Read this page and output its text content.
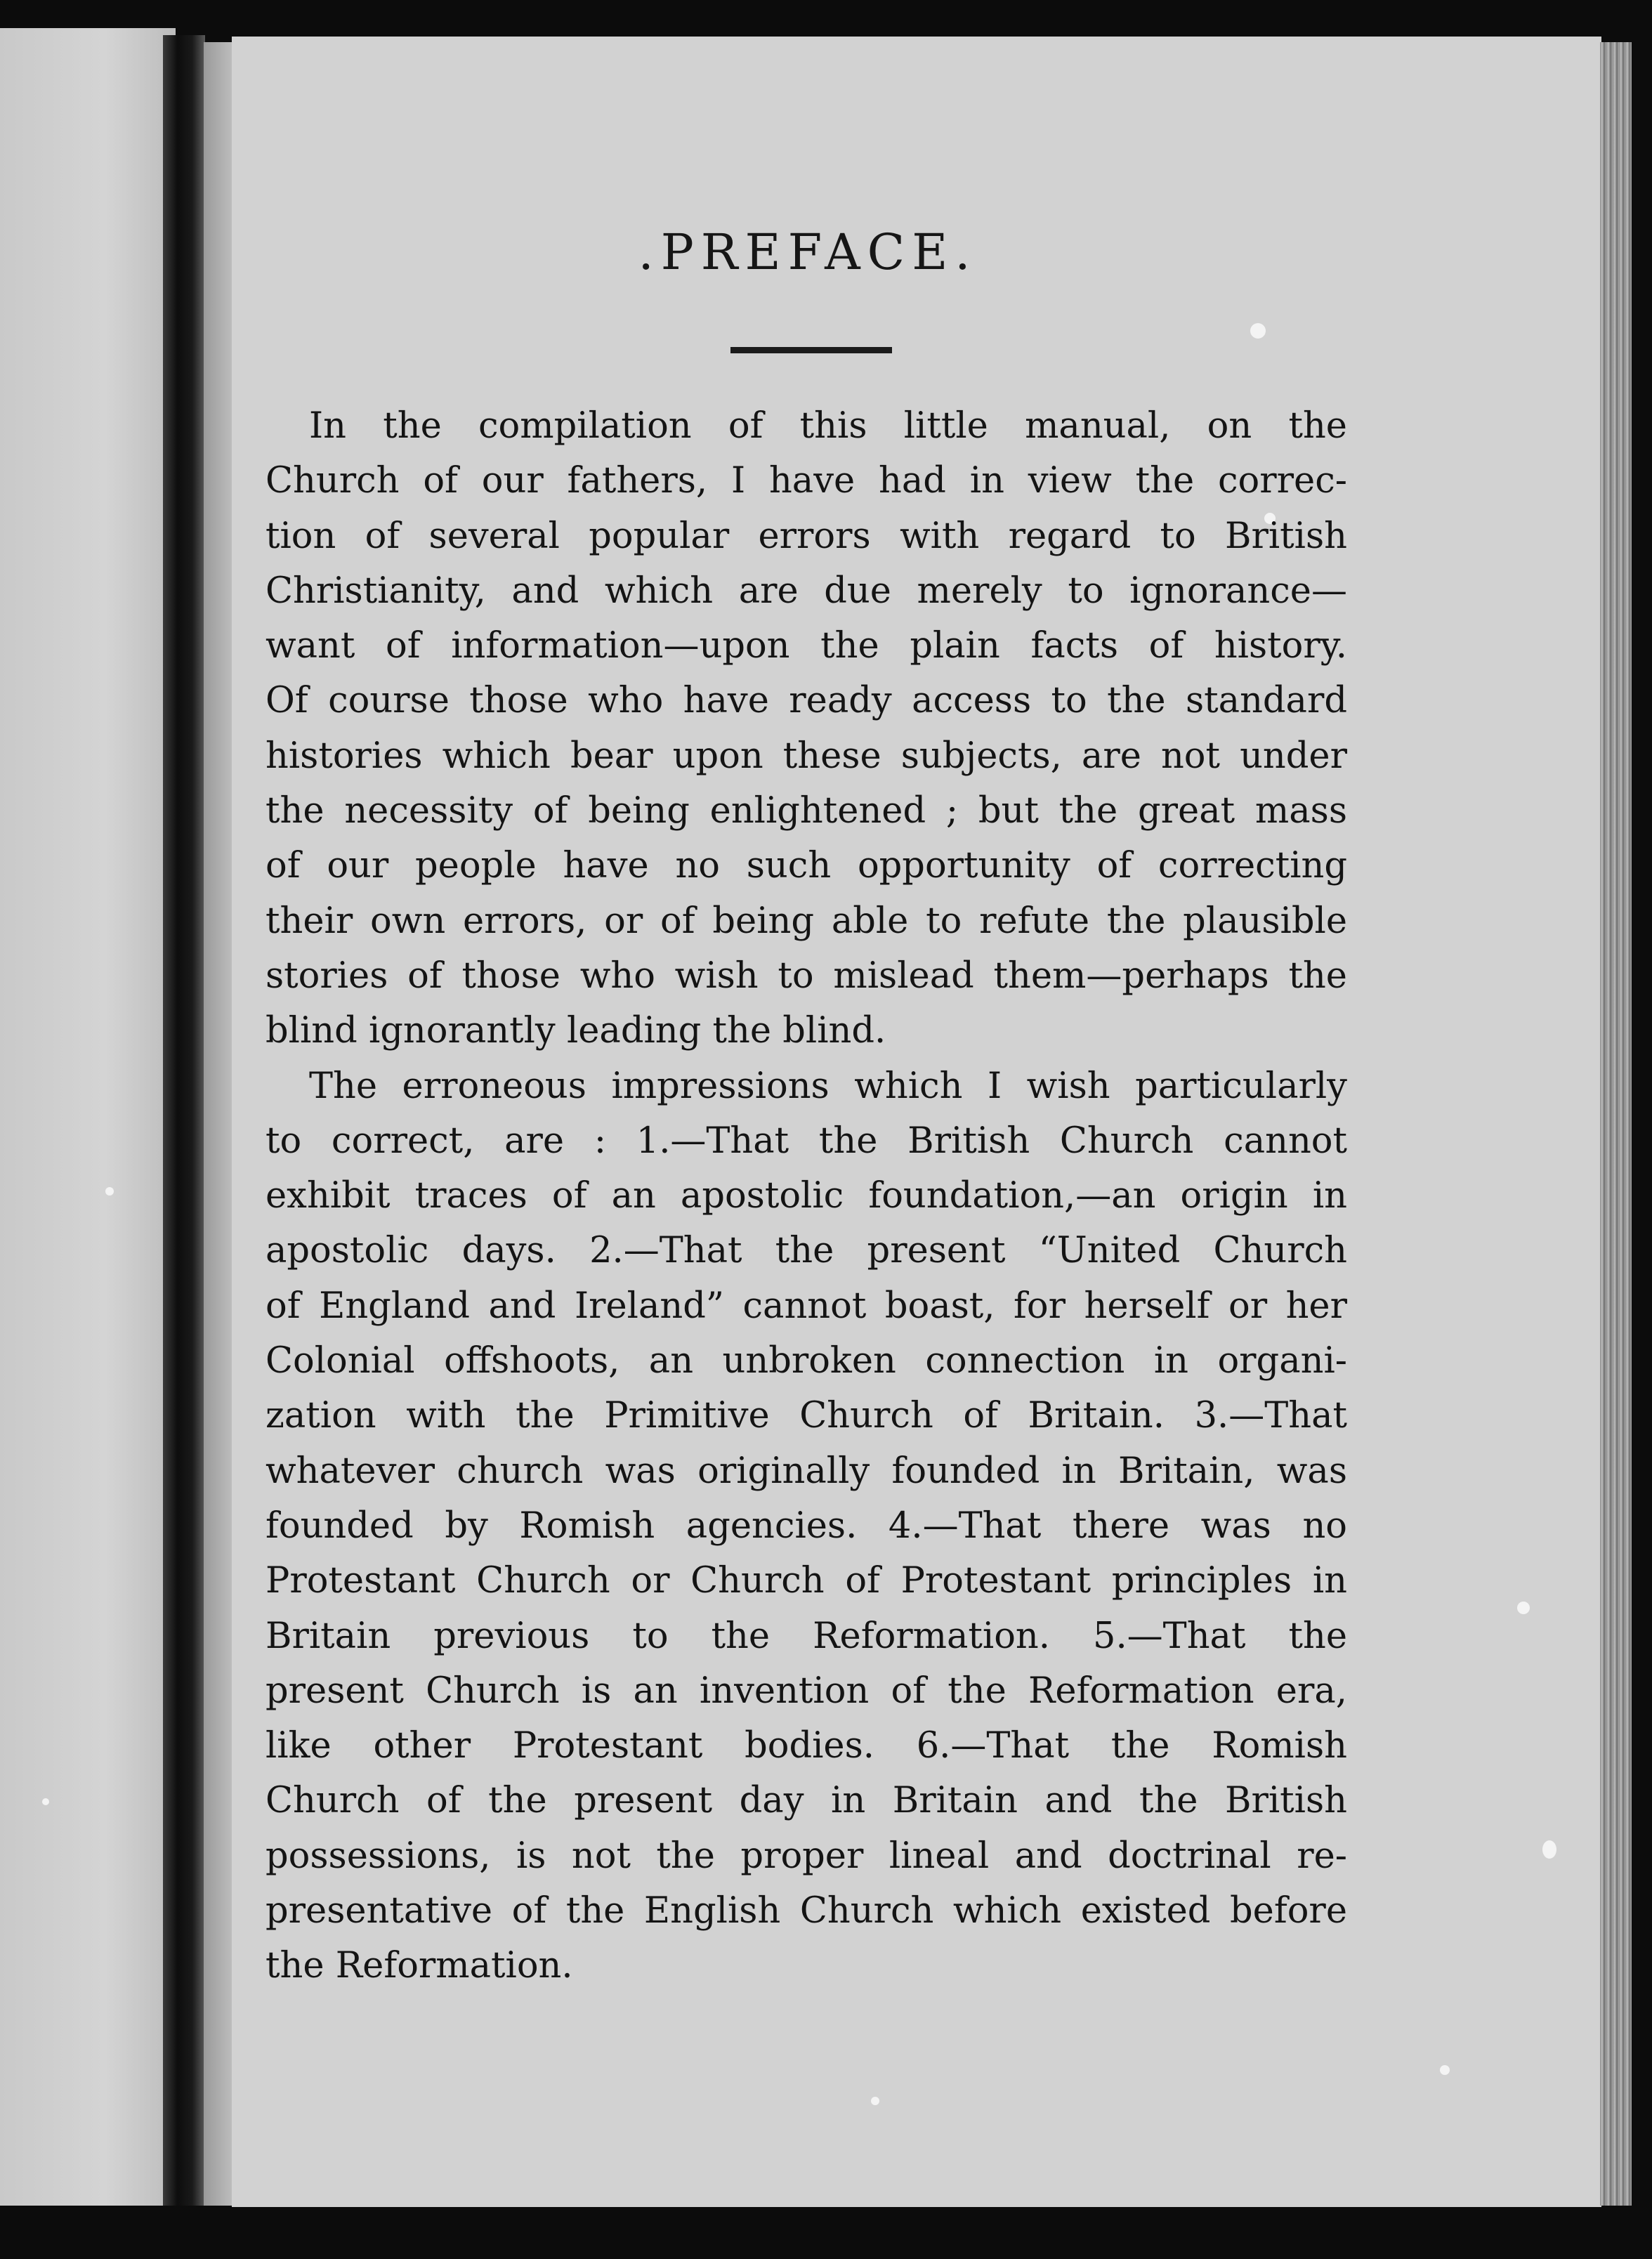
.PREFACE.
In the compilation of this little manual, on the
Church of our fathers, I have had in view the correc-
tion of several popular errors with regard to British
Christianity, and which are due merely to ignorance—
want of information—upon the plain facts of history.
Of course those who have ready access to the standard
histories which bear upon these subjects, are not under
the necessity of being enlightened ; but the great mass
of our people have no such opportunity of correcting
their own errors, or of being able to refute the plausible
stories of those who wish to mislead them—perhaps the
blind ignorantly leading the blind.
The erroneous impressions which I wish particularly
to correct, are : 1.—That the British Church cannot
exhibit traces of an apostolic foundation,—an origin in
apostolic days. 2.—That the present “United Church
of England and Ireland” cannot boast, for herself or her
Colonial offshoots, an unbroken connection in organi-
zation with the Primitive Church of Britain. 3.—That
whatever church was originally founded in Britain, was
founded by Romish agencies. 4.—That there was no
Protestant Church or Church of Protestant principles in
Britain previous to the Reformation. 5.—That the
present Church is an invention of the Reformation era,
like other Protestant bodies. 6.—That the Romish
Church of the present day in Britain and the British
possessions, is not the proper lineal and doctrinal re-
presentative of the English Church which existed before
the Reformation.
